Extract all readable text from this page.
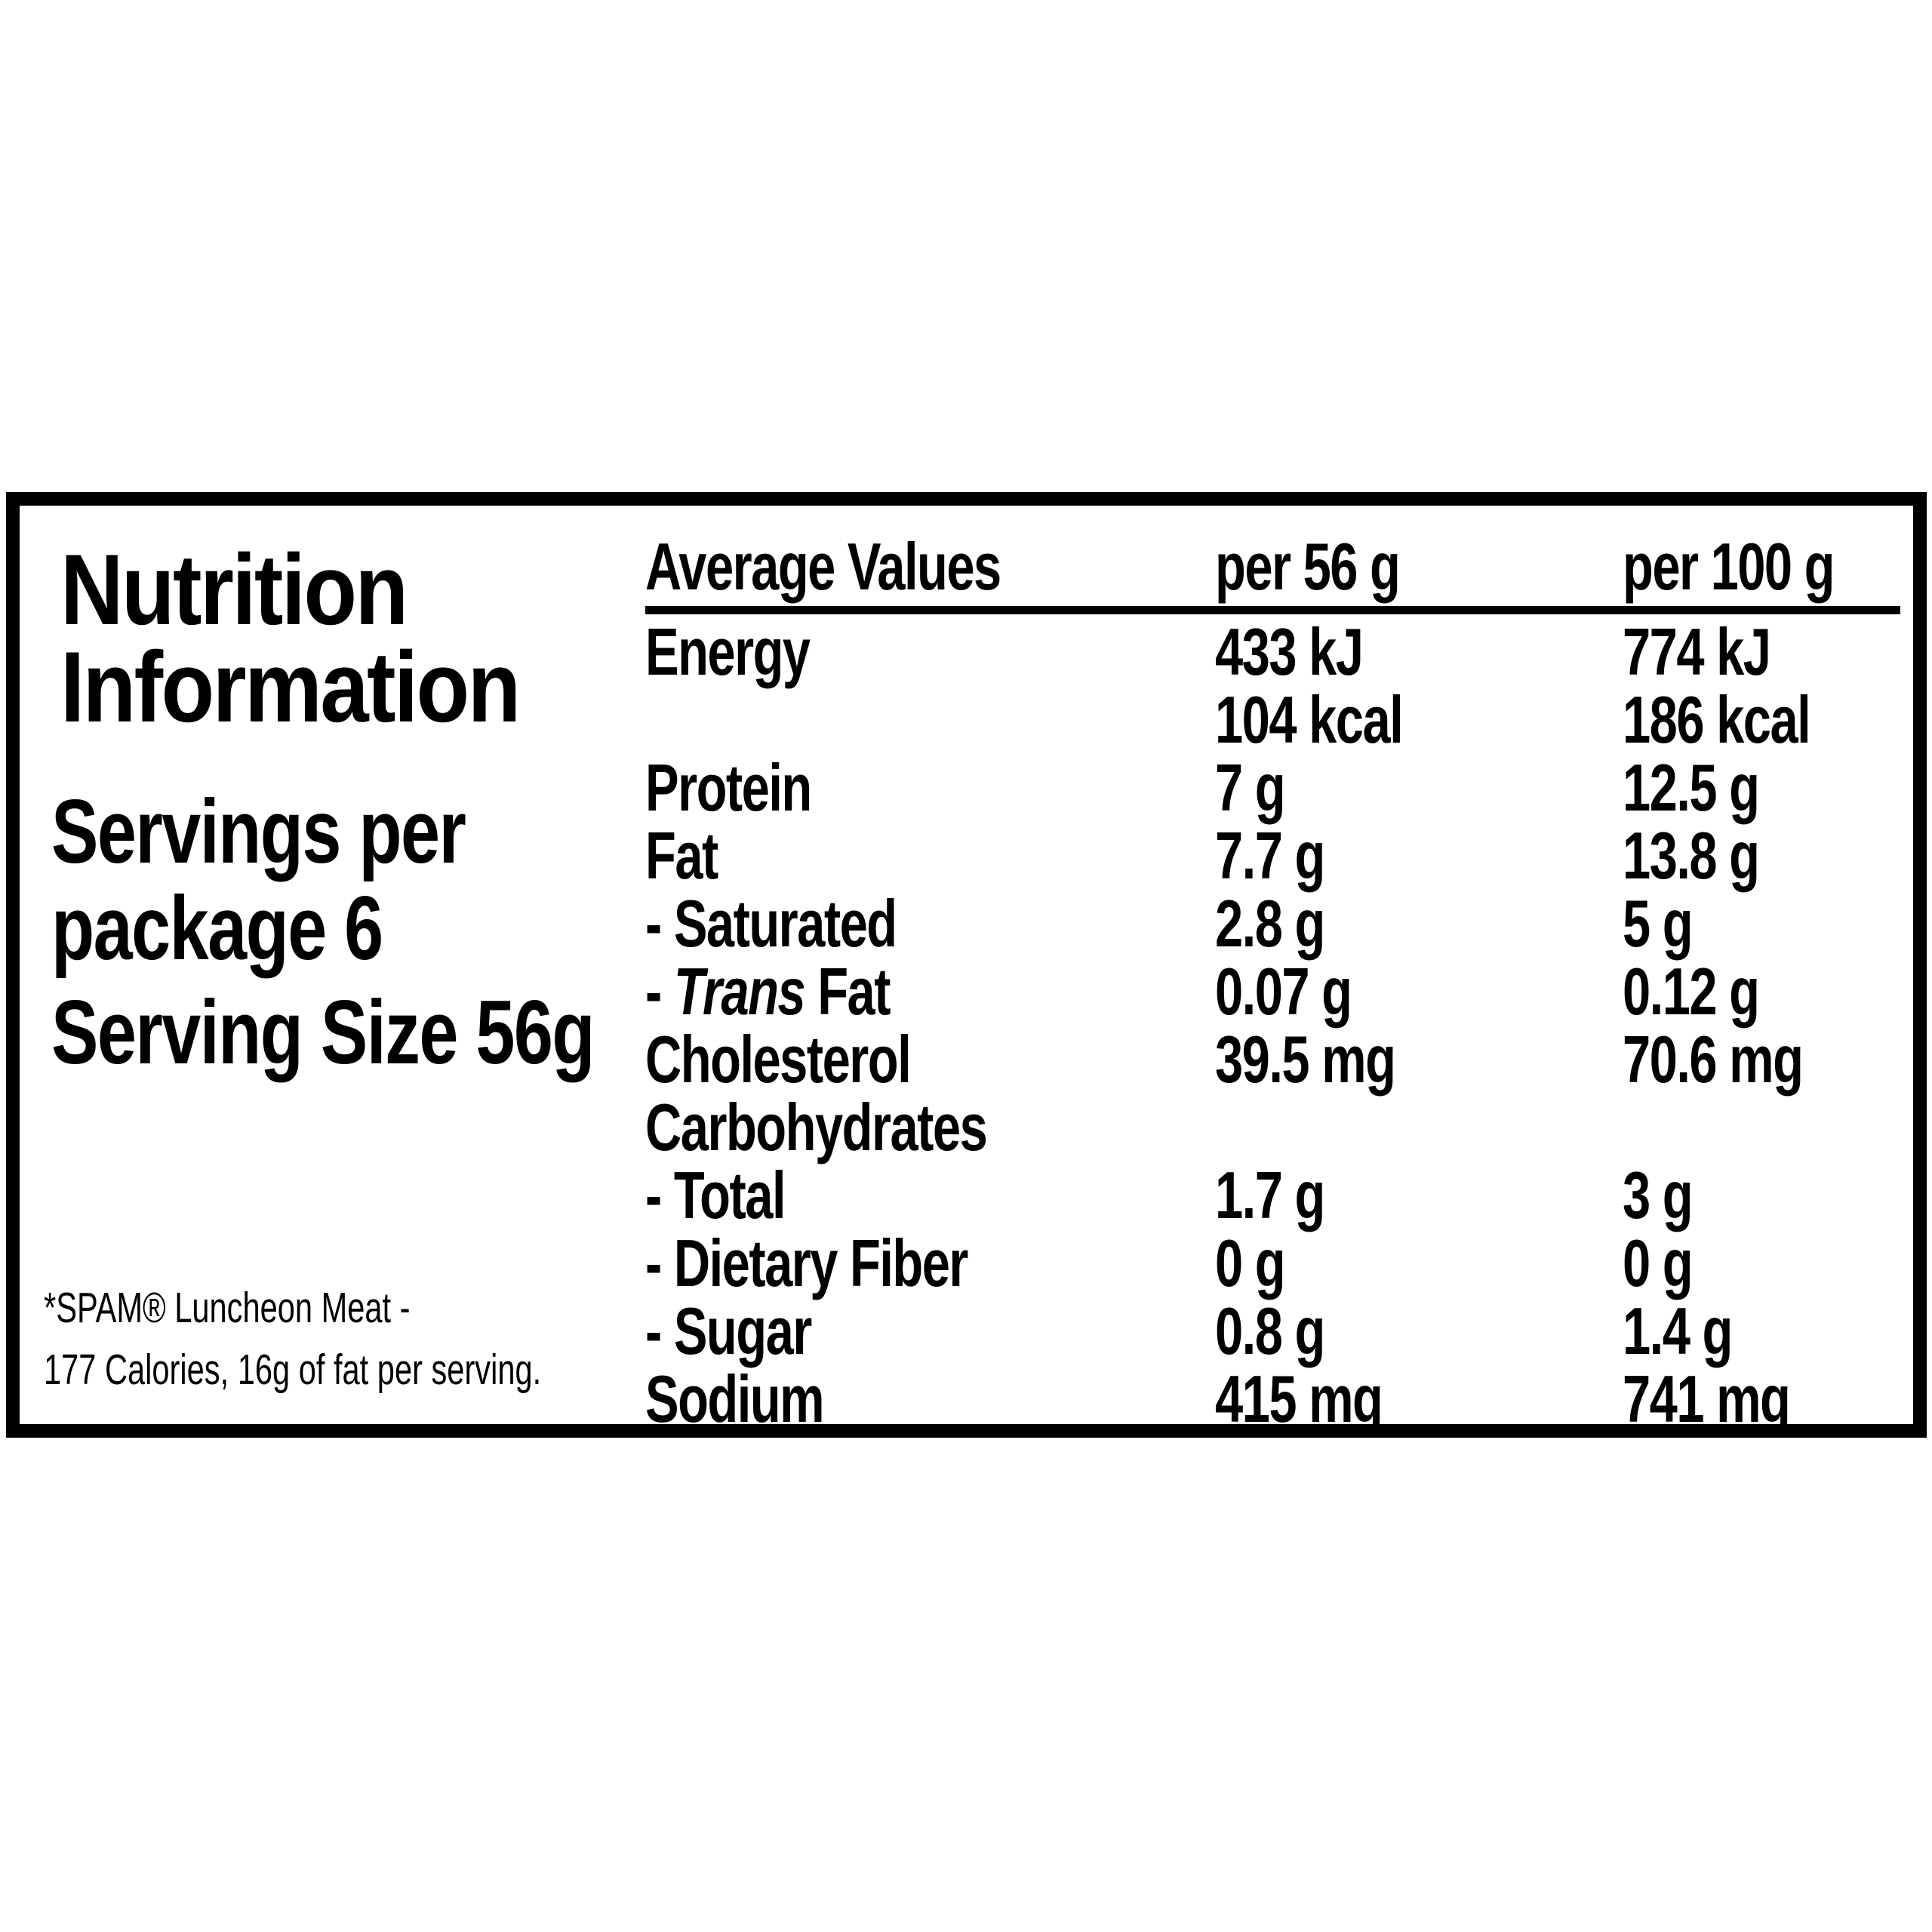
Nutrition
Information
Servings per
package 6
Serving Size 56g
*SPAM® Luncheon Meat -
177 Calories, 16g of fat per serving.
Average Values	per 56 g	per 100 g
Energy	433 kJ	774 kJ
104 kcal	186 kcal
Protein	7 g	12.5 g
Fat	7.7 g	13.8 g
- Saturated	2.8 g	5 g
- Trans Fat	0.07 g	0.12 g
Cholesterol	39.5 mg	70.6 mg
Carbohydrates
- Total	1.7 g	3 g
- Dietary Fiber	0 g	0 g
- Sugar	0.8 g	1.4 g
Sodium	415 mg	741 mg
